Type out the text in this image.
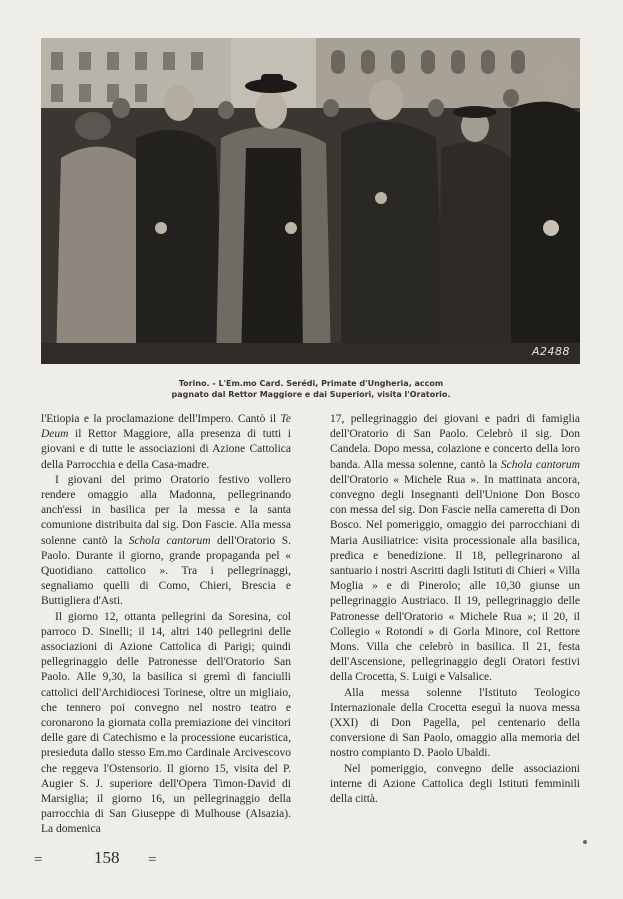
A2488
Torino. - L'Em.mo Card. Serédi, Primate d'Ungheria, accom
pagnato dal Rettor Maggiore e dai Superiori, visita l'Oratorio.

l'Etiopia e la proclamazione dell'Impero. Cantò il Te Deum il Rettor Maggiore, alla presenza di tutti i giovani e di tutte le associazioni di Azione Cattolica della Parrocchia e della Casa-madre.

I giovani del primo Oratorio festivo vollero rendere omaggio alla Madonna, pellegrinando anch'essi in basilica per la messa e la santa comunione distribuita dal sig. Don Fascie. Alla messa solenne cantò la Schola cantorum dell'Oratorio S. Paolo. Durante il giorno, grande propaganda pel « Quotidiano cattolico ». Tra i pellegrinaggi, segnaliamo quelli di Como, Chieri, Brescia e Buttigliera d'Asti.

Il giorno 12, ottanta pellegrini da Soresina, col parroco D. Sinelli; il 14, altri 140 pellegrini delle associazioni di Azione Cattolica di Parigi; quindi pellegrinaggio delle Patronesse dell'Oratorio San Paolo. Alle 9,30, la basilica si gremì di fanciulli cattolici dell'Archidiocesi Torinese, oltre un migliaio, che tennero poi convegno nel nostro teatro e coronarono la giornata colla premiazione dei vincitori delle gare di Catechismo e la processione eucaristica, presieduta dallo stesso Em.mo Cardinale Arcivescovo che reggeva l'Ostensorio. Il giorno 15, visita del P. Augier S. J. superiore dell'Opera Timon-David di Marsiglia; il giorno 16, un pellegrinaggio della parrocchia di San Giuseppe di Mulhouse (Alsazia). La domenica

17, pellegrinaggio dei giovani e padri di famiglia dell'Oratorio di San Paolo. Celebrò il sig. Don Candela. Dopo messa, colazione e concerto della loro banda. Alla messa solenne, cantò la Schola cantorum dell'Oratorio « Michele Rua ». In mattinata ancora, convegno degli Insegnanti dell'Unione Don Bosco con messa del sig. Don Fascie nella cameretta di Don Bosco. Nel pomeriggio, omaggio dei parrocchiani di Maria Ausiliatrice: visita processionale alla basilica, predica e benedizione. Il 18, pellegrinarono al santuario i nostri Ascritti dagli Istituti di Chieri « Villa Moglia » e di Pinerolo; alle 10,30 giunse un pellegrinaggio Austriaco. Il 19, pellegrinaggio delle Patronesse dell'Oratorio « Michele Rua »; il 20, il Collegio « Rotondi » di Gorla Minore, col Rettore Mons. Villa che celebrò in basilica. Il 21, festa dell'Ascensione, pellegrinaggio degli Oratori festivi della Crocetta, S. Luigi e Valsalice.

Alla messa solenne l'Istituto Teologico Internazionale della Crocetta eseguì la nuova messa (XXI) di Don Pagella, pel centenario della conversione di San Paolo, omaggio alla memoria del nostro compianto D. Paolo Ubaldi.

Nel pomeriggio, convegno delle associazioni interne di Azione Cattolica degli Istituti femminili della città.

=	158 =
